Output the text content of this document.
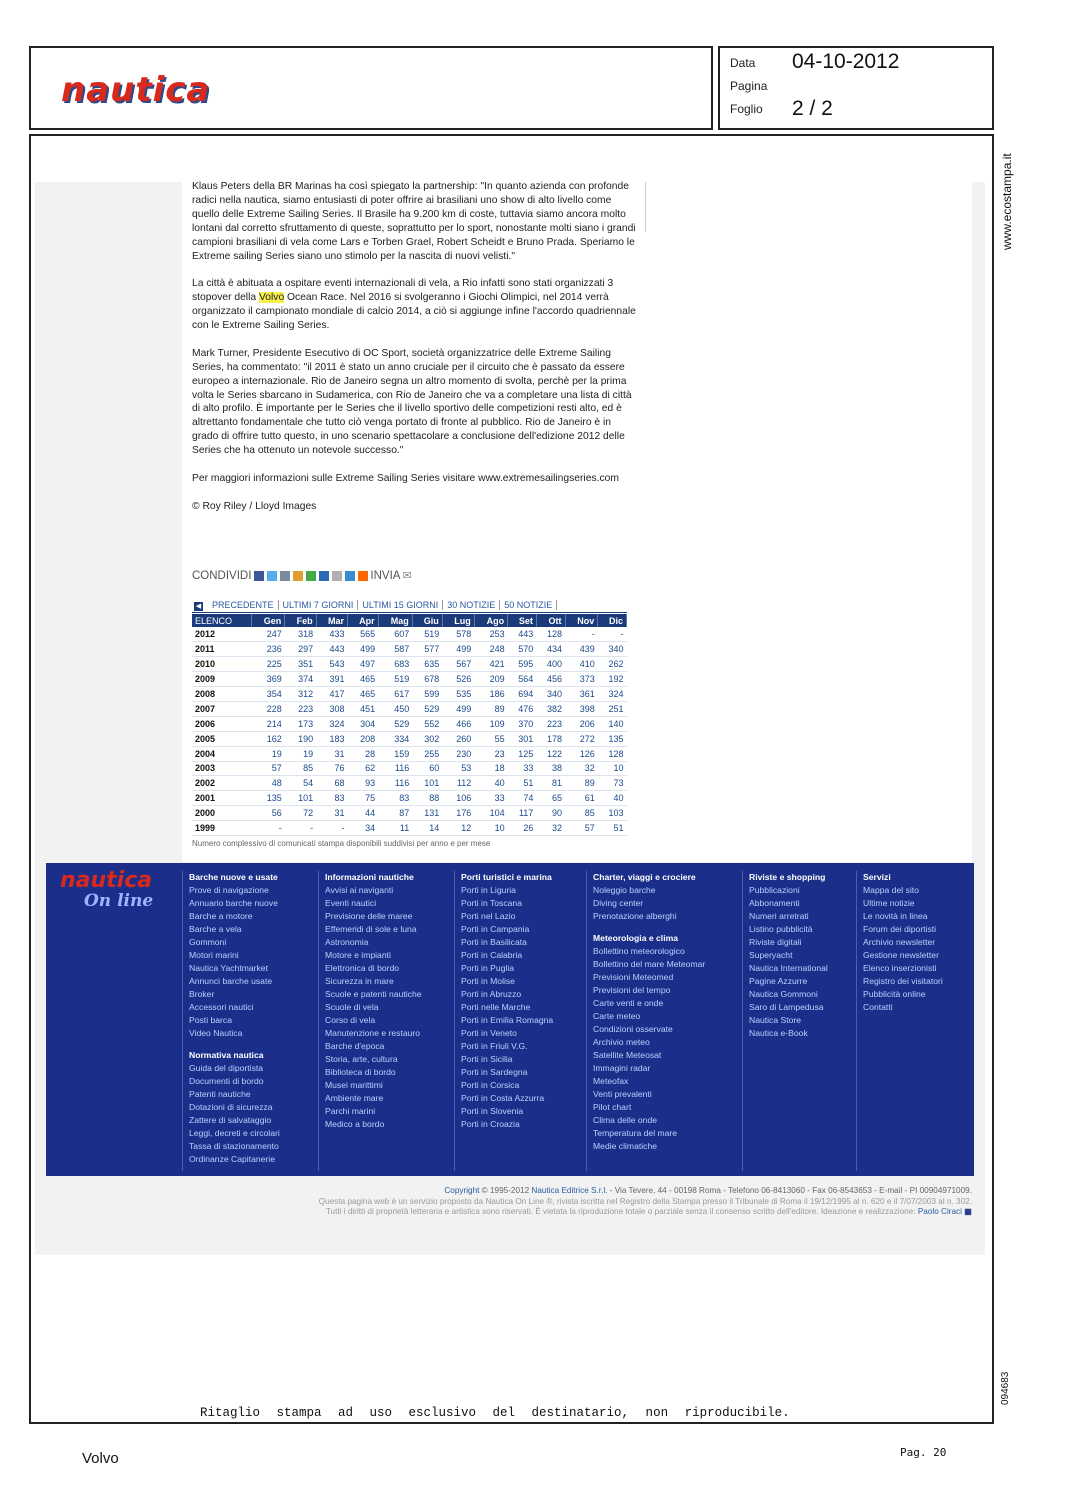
nautica
Data 04-10-2012
Pagina
Foglio 2 / 2
www.ecostampa.it
094683

Klaus Peters della BR Marinas ha così spiegato la partnership: "In quanto azienda con profonde radici nella nautica, siamo entusiasti di poter offrire ai brasiliani uno show di alto livello come quello delle Extreme Sailing Series. Il Brasile ha 9.200 km di coste, tuttavia siamo ancora molto lontani dal corretto sfruttamento di queste, soprattutto per lo sport, nonostante molti siano i grandi campioni brasiliani di vela come Lars e Torben Grael, Robert Scheidt e Bruno Prada. Speriamo le Extreme sailing Series siano uno stimolo per la nascita di nuovi velisti."

La città è abituata a ospitare eventi internazionali di vela, a Rio infatti sono stati organizzati 3 stopover della Volvo Ocean Race. Nel 2016 si svolgeranno i Giochi Olimpici, nel 2014 verrà organizzato il campionato mondiale di calcio 2014, a ciò si aggiunge infine l'accordo quadriennale con le Extreme Sailing Series.

Mark Turner, Presidente Esecutivo di OC Sport, società organizzatrice delle Extreme Sailing Series, ha commentato: "il 2011 è stato un anno cruciale per il circuito che è passato da essere europeo a internazionale. Rio de Janeiro segna un altro momento di svolta, perchè per la prima volta le Series sbarcano in Sudamerica, con Rio de Janeiro che va a completare una lista di città di alto profilo. È importante per le Series che il livello sportivo delle competizioni resti alto, ed è altrettanto fondamentale che tutto ciò venga portato di fronte al pubblico. Rio de Janeiro è in grado di offrire tutto questo, in uno scenario spettacolare a conclusione dell'edizione 2012 delle Series che ha ottenuto un notevole successo."

Per maggiori informazioni sulle Extreme Sailing Series visitare www.extremesailingseries.com

© Roy Riley / Lloyd Images

CONDIVIDI	INVIA ✉
◀	PRECEDENTE	ULTIMI 7 GIORNI	ULTIMI 15 GIORNI	30 NOTIZIE	50 NOTIZIE
ELENCO	Gen	Feb	Mar	Apr	Mag	Giu	Lug	Ago	Set	Ott	Nov	Dic
2012	247	318	433	565	607	519	578	253	443	128	-	-
2011	236	297	443	499	587	577	499	248	570	434	439	340
2010	225	351	543	497	683	635	567	421	595	400	410	262
2009	369	374	391	465	519	678	526	209	564	456	373	192
2008	354	312	417	465	617	599	535	186	694	340	361	324
2007	228	223	308	451	450	529	499	89	476	382	398	251
2006	214	173	324	304	529	552	466	109	370	223	206	140
2005	162	190	183	208	334	302	260	55	301	178	272	135
2004	19	19	31	28	159	255	230	23	125	122	126	128
2003	57	85	76	62	116	60	53	18	33	38	32	10
2002	48	54	68	93	116	101	112	40	51	81	89	73
2001	135	101	83	75	83	88	106	33	74	65	61	40
2000	56	72	31	44	87	131	176	104	117	90	85	103
1999	-	-	-	34	11	14	12	10	26	32	57	51
Numero complessivo di comunicati stampa disponibili suddivisi per anno e per mese
nautica
On line
Barche nuove e usate
Prove di navigazione
Annuario barche nuove
Barche a motore
Barche a vela
Gommoni
Motori marini
Nautica Yachtmarket
Annunci barche usate
Broker
Accessori nautici
Posti barca
Video Nautica
Normativa nautica
Guida del diportista
Documenti di bordo
Patenti nautiche
Dotazioni di sicurezza
Zattere di salvataggio
Leggi, decreti e circolari
Tassa di stazionamento
Ordinanze Capitanerie
Informazioni nautiche
Avvisi ai naviganti
Eventi nautici
Previsione delle maree
Effemeridi di sole e luna
Astronomia
Motore e impianti
Elettronica di bordo
Sicurezza in mare
Scuole e patenti nautiche
Scuole di vela
Corso di vela
Manutenzione e restauro
Barche d'epoca
Storia, arte, cultura
Biblioteca di bordo
Musei marittimi
Ambiente mare
Parchi marini
Medico a bordo
Porti turistici e marina
Porti in Liguria
Porti in Toscana
Porti nel Lazio
Porti in Campania
Porti in Basilicata
Porti in Calabria
Porti in Puglia
Porti in Molise
Porti in Abruzzo
Porti nelle Marche
Porti in Emilia Romagna
Porti in Veneto
Porti in Friuli V.G.
Porti in Sicilia
Porti in Sardegna
Porti in Corsica
Porti in Costa Azzurra
Porti in Slovenia
Porti in Croazia
Charter, viaggi e crociere
Noleggio barche
Diving center
Prenotazione alberghi
Meteorologia e clima
Bollettino meteorologico
Bollettino del mare Meteomar
Previsioni Meteomed
Previsioni del tempo
Carte venti e onde
Carte meteo
Condizioni osservate
Archivio meteo
Satellite Meteosat
Immagini radar
Meteofax
Venti prevalenti
Pilot chart
Clima delle onde
Temperatura del mare
Medie climatiche
Riviste e shopping
Pubblicazioni
Abbonamenti
Numeri arretrati
Listino pubblicità
Riviste digitali
Superyacht
Nautica International
Pagine Azzurre
Nautica Gommoni
Saro di Lampedusa
Nautica Store
Nautica e-Book
Servizi
Mappa del sito
Ultime notizie
Le novità in linea
Forum dei diportisti
Archivio newsletter
Gestione newsletter
Elenco inserzionisti
Registro dei visitatori
Pubblicità online
Contatti
Copyright © 1995-2012 Nautica Editrice S.r.l. - Via Tevere, 44 - 00198 Roma - Telefono 06-8413060 - Fax 06-8543653 - E-mail - PI 00904971009.
Questa pagina web è un servizio proposto da Nautica On Line ®, rivista iscritta nel Registro della Stampa presso il Tribunale di Roma il 19/12/1995 al n. 620 e il 7/07/2003 al n. 302.
Tutti i diritti di proprietà letteraria e artistica sono riservati. È vietata la riproduzione totale o parziale senza il consenso scritto dell'editore. Ideazione e realizzazione: Paolo Ciraci ▦
Ritaglio stampa ad uso esclusivo del destinatario, non riproducibile.
Volvo	Pag. 20
